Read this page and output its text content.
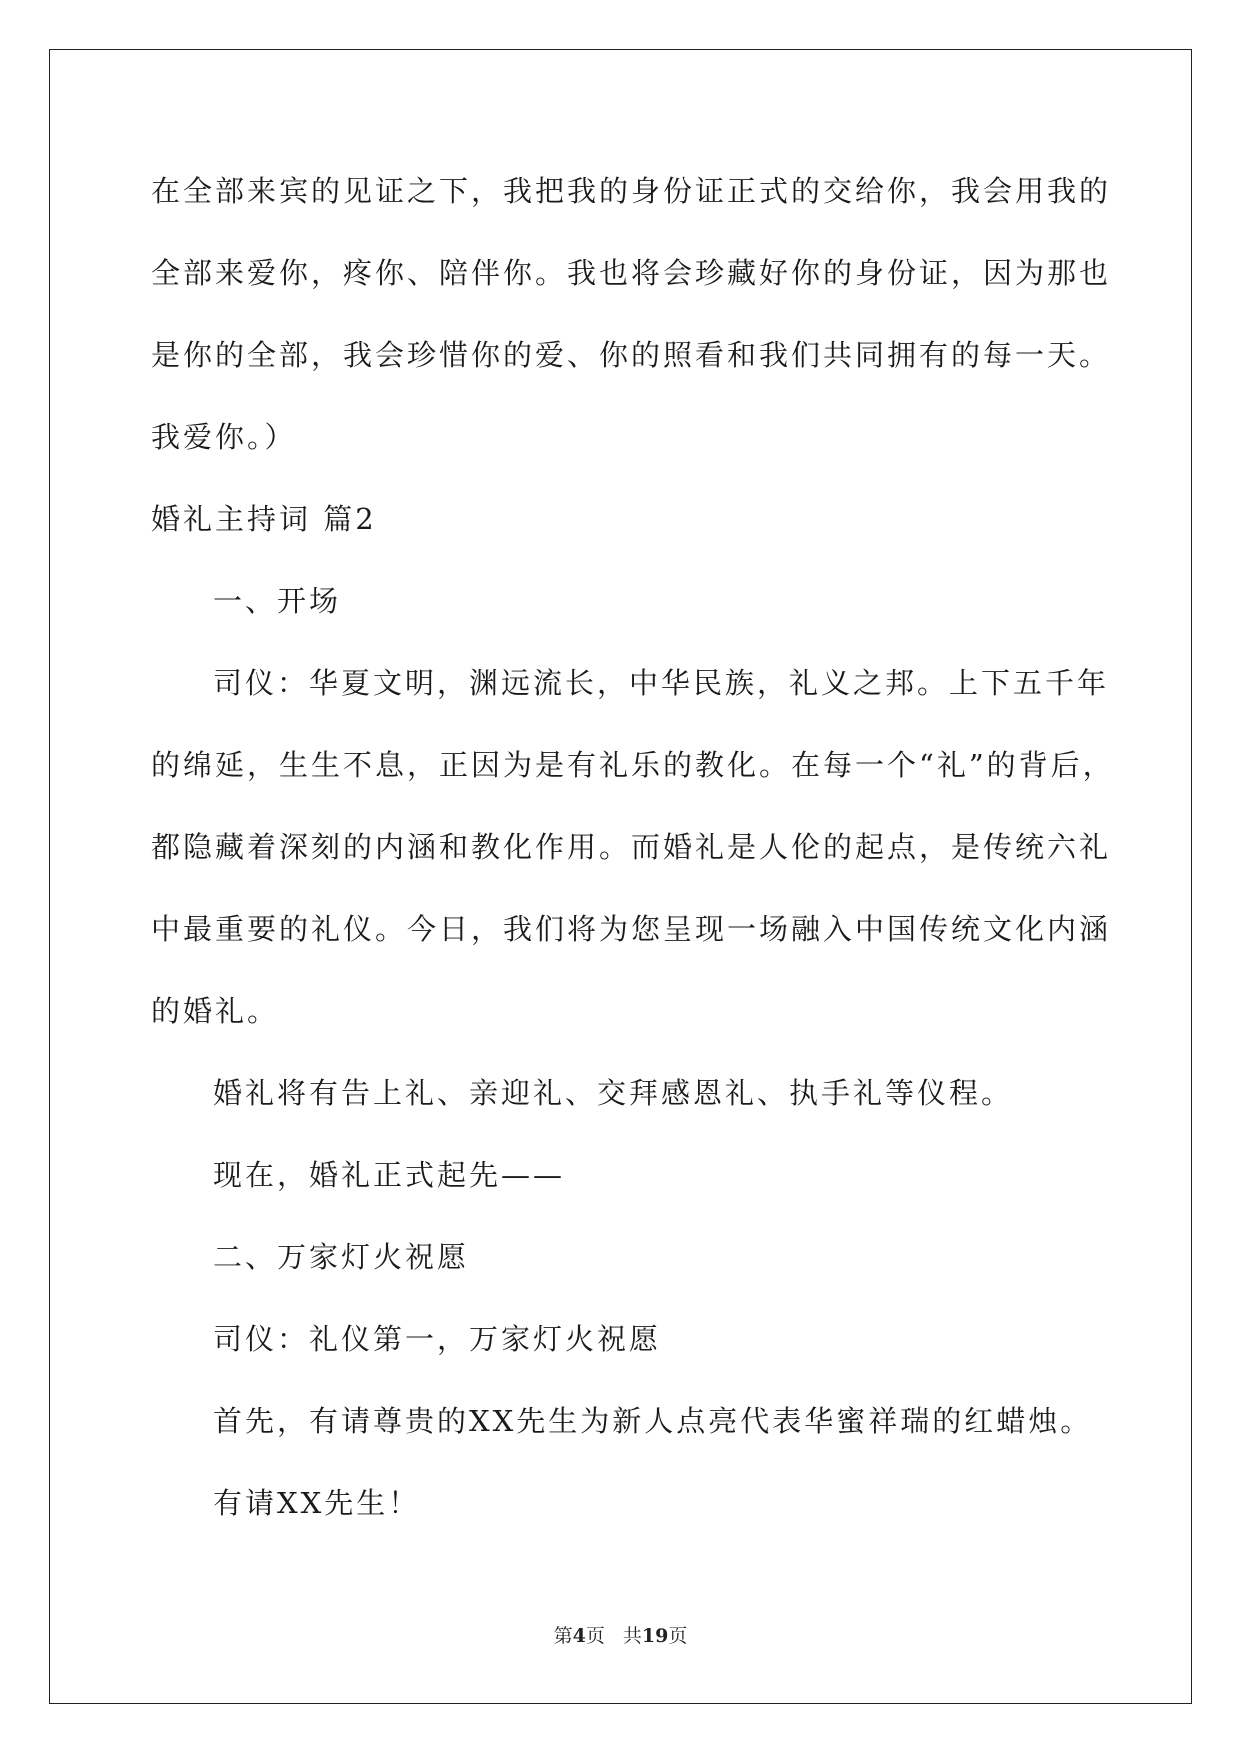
在全部来宾的见证之下，我把我的身份证正式的交给你，我会用我的

全部来爱你，疼你、陪伴你。我也将会珍藏好你的身份证，因为那也

是你的全部，我会珍惜你的爱、你的照看和我们共同拥有的每一天。

我爱你。）

婚礼主持词 篇2

一、开场

司仪：华夏文明，渊远流长，中华民族，礼义之邦。上下五千年

的绵延，生生不息，正因为是有礼乐的教化。在每一个“礼”的背后，

都隐藏着深刻的内涵和教化作用。而婚礼是人伦的起点，是传统六礼

中最重要的礼仪。今日，我们将为您呈现一场融入中国传统文化内涵

的婚礼。

婚礼将有告上礼、亲迎礼、交拜感恩礼、执手礼等仪程。

现在，婚礼正式起先——

二、万家灯火祝愿

司仪：礼仪第一，万家灯火祝愿

首先，有请尊贵的XX先生为新人点亮代表华蜜祥瑞的红蜡烛。

有请XX先生！

第4页 共19页
